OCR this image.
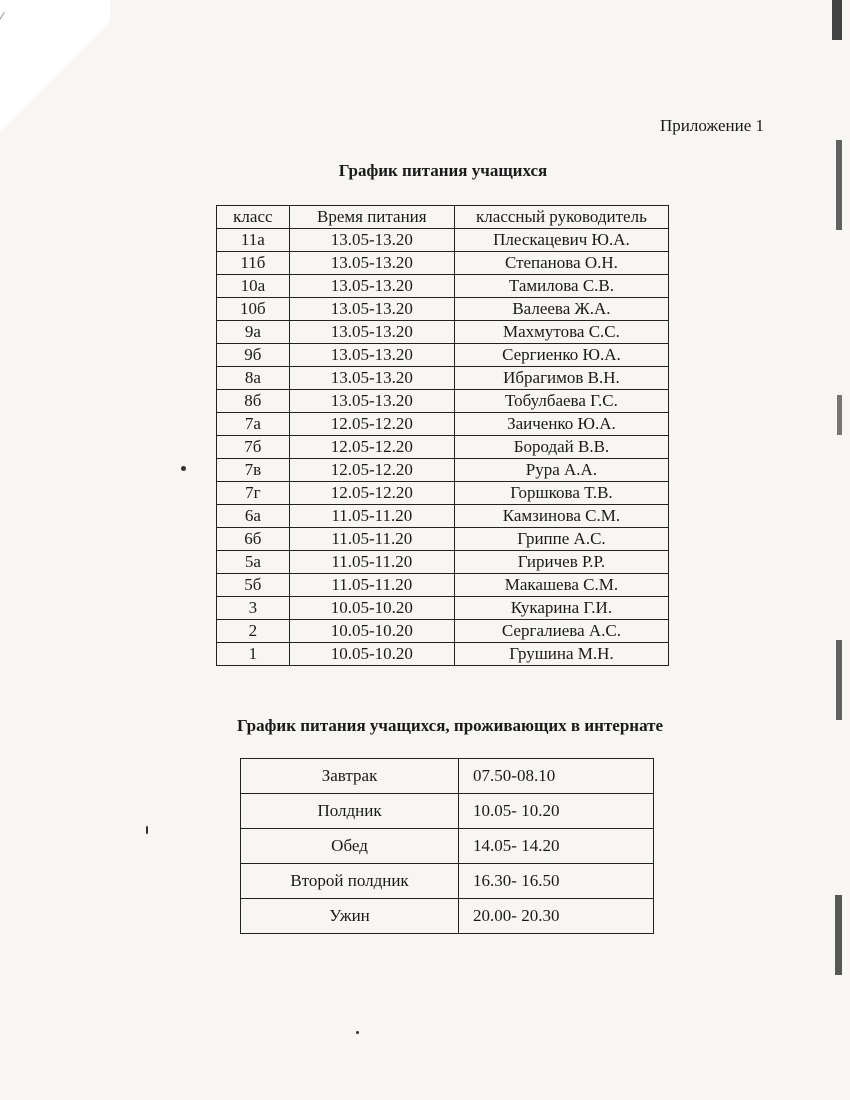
Приложение 1
График питания учащихся
класс	Время питания	классный руководитель
11а	13.05-13.20	Плескацевич Ю.А.
11б	13.05-13.20	Степанова О.Н.
10а	13.05-13.20	Тамилова С.В.
10б	13.05-13.20	Валеева Ж.А.
9а	13.05-13.20	Махмутова С.С.
9б	13.05-13.20	Сергиенко Ю.А.
8а	13.05-13.20	Ибрагимов В.Н.
8б	13.05-13.20	Тобулбаева Г.С.
7а	12.05-12.20	Заиченко Ю.А.
7б	12.05-12.20	Бородай В.В.
7в	12.05-12.20	Рура А.А.
7г	12.05-12.20	Горшкова Т.В.
6а	11.05-11.20	Камзинова С.М.
6б	11.05-11.20	Гриппе А.С.
5а	11.05-11.20	Гиричев Р.Р.
5б	11.05-11.20	Макашева С.М.
3	10.05-10.20	Кукарина Г.И.
2	10.05-10.20	Сергалиева А.С.
1	10.05-10.20	Грушина М.Н.
График питания учащихся, проживающих в интернате
Завтрак	07.50-08.10
Полдник	10.05- 10.20
Обед	14.05- 14.20
Второй полдник	16.30- 16.50
Ужин	20.00- 20.30
